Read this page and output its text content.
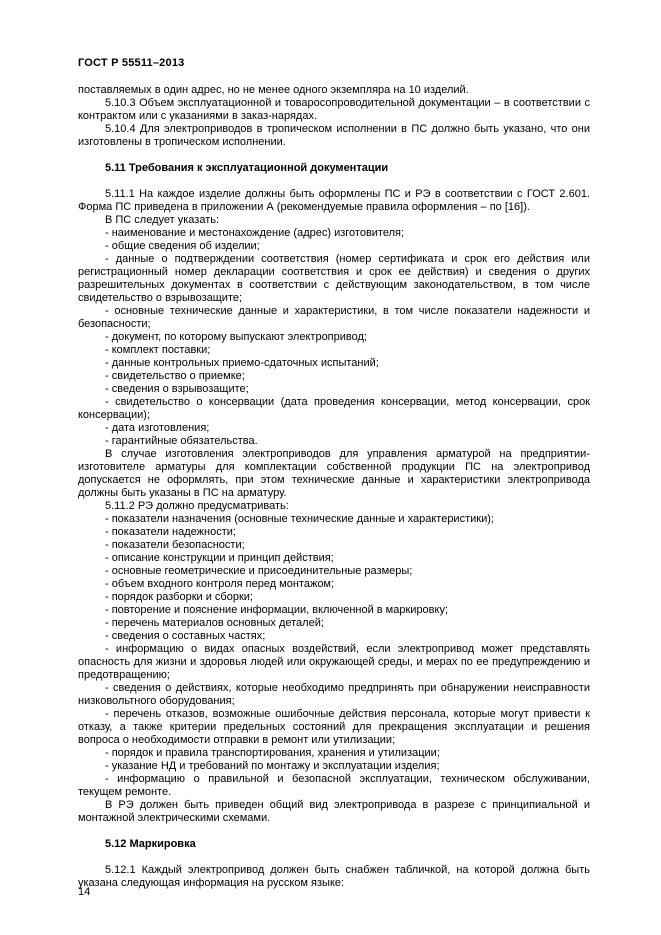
ГОСТ Р 55511–2013

поставляемых в один адрес, но не менее одного экземпляра на 10 изделий.

5.10.3 Объем эксплуатационной и товаросопроводительной документации – в соответствии с контрактом или с указаниями в заказ-нарядах.

5.10.4 Для электроприводов в тропическом исполнении в ПС должно быть указано, что они изготовлены в тропическом исполнении.

5.11 Требования к эксплуатационной документации

5.11.1 На каждое изделие должны быть оформлены ПС и РЭ в соответствии с ГОСТ 2.601. Форма ПС приведена в приложении А (рекомендуемые правила оформления – по [16]).

В ПС следует указать:

- наименование и местонахождение (адрес) изготовителя;

- общие сведения об изделии;

- данные о подтверждении соответствия (номер сертификата и срок его действия или регистрационный номер декларации соответствия и срок ее действия) и сведения о других разрешительных документах в соответствии с действующим законодательством, в том числе свидетельство о взрывозащите;

- основные технические данные и характеристики, в том числе показатели надежности и безопасности;

- документ, по которому выпускают электропривод;

- комплект поставки;

- данные контрольных приемо-сдаточных испытаний;

- свидетельство о приемке;

- сведения о взрывозащите;

- свидетельство о консервации (дата проведения консервации, метод консервации, срок консервации);

- дата изготовления;

- гарантийные обязательства.

В случае изготовления электроприводов для управления арматурой на предприятии-изготовителе арматуры для комплектации собственной продукции ПС на электропривод допускается не оформлять, при этом технические данные и характеристики электропривода должны быть указаны в ПС на арматуру.

5.11.2 РЭ должно предусматривать:

- показатели назначения (основные технические данные и характеристики);

- показатели надежности;

- показатели безопасности;

- описание конструкции и принцип действия;

- основные геометрические и присоединительные размеры;

- объем входного контроля перед монтажом;

- порядок разборки и сборки;

- повторение и пояснение информации, включенной в маркировку;

- перечень материалов основных деталей;

- сведения о составных частях;

- информацию о видах опасных воздействий, если электропривод может представлять опасность для жизни и здоровья людей или окружающей среды, и мерах по ее предупреждению и предотвращению;

- сведения о действиях, которые необходимо предпринять при обнаружении неисправности низковольтного оборудования;

- перечень отказов, возможные ошибочные действия персонала, которые могут привести к отказу, а также критерии предельных состояний для прекращения эксплуатации и решения вопроса о необходимости отправки в ремонт или утилизации;

- порядок и правила транспортирования, хранения и утилизации;

- указание НД и требований по монтажу и эксплуатации изделия;

- информацию о правильной и безопасной эксплуатации, техническом обслуживании, текущем ремонте.

В РЭ должен быть приведен общий вид электропривода в разрезе с принципиальной и монтажной электрическими схемами.

5.12 Маркировка

5.12.1 Каждый электропривод должен быть снабжен табличкой, на которой должна быть указана следующая информация на русском языке:

14
